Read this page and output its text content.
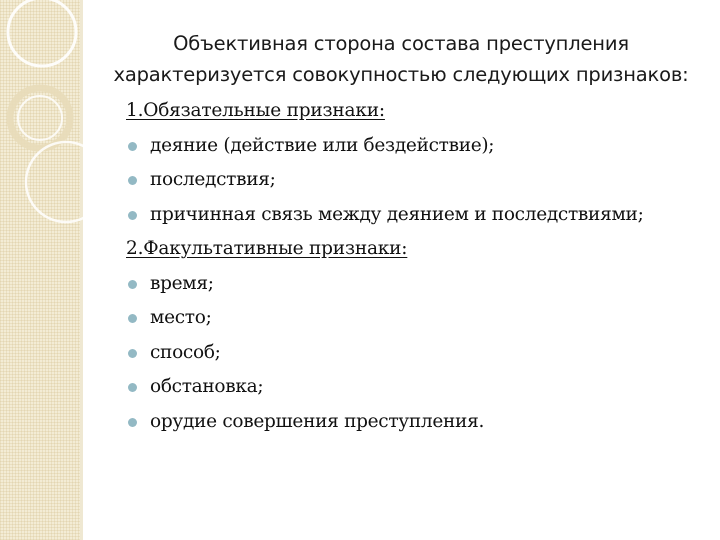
Объективная сторона состава преступления
характеризуется совокупностью следующих признаков:
1.Обязательные признаки:
деяние (действие или бездействие);
последствия;
причинная связь между деянием и последствиями;
2.Факультативные признаки:
время;
место;
способ;
обстановка;
орудие совершения преступления.
